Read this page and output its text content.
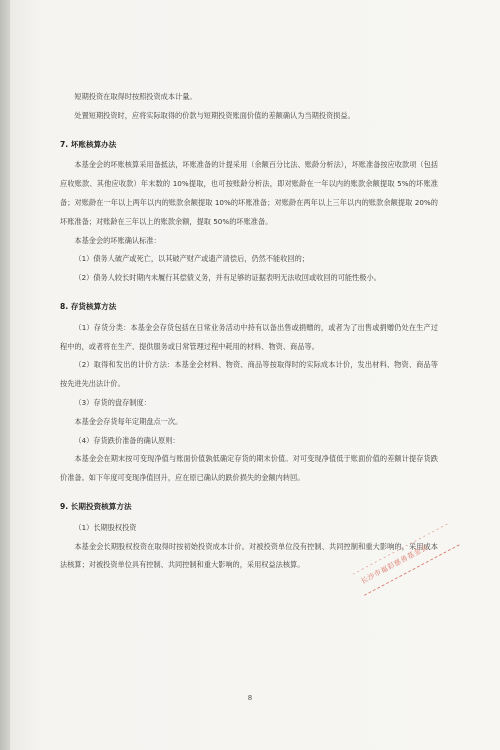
短期投资在取得时按照投资成本计量。

处置短期投资时，应将实际取得的价款与短期投资账面价值的差额确认为当期投资损益。

7. 坏账核算办法

本基金会的坏账核算采用备抵法，坏账准备的计提采用（余额百分比法、账龄分析法），坏账准备按应收款项（包括应收账款、其他应收款）年末数的 10%提取，也可按账龄分析法，即对账龄在一年以内的账款余额提取 5%的坏账准备；对账龄在一年以上两年以内的账款余额提取 10%的坏账准备；对账龄在两年以上三年以内的账款余额提取 20%的坏账准备；对账龄在三年以上的账款余额，提取 50%的坏账准备。

本基金会的坏账确认标准：

（1）债务人破产或死亡，以其破产财产或遗产清偿后，仍然不能收回的；

（2）债务人较长时期内未履行其偿债义务，并有足够的证据表明无法收回或收回的可能性极小。

8. 存货核算方法

（1）存货分类：本基金会存货包括在日常业务活动中持有以备出售或捐赠的，或者为了出售或捐赠仍处在生产过程中的，或者将在生产、提供服务或日常管理过程中耗用的材料、物资、商品等。

（2）取得和发出的计价方法：本基金会材料、物资、商品等按取得时的实际成本计价，发出材料、物资、商品等按先进先出法计价。

（3）存货的盘存制度：

本基金会存货每年定期盘点一次。

（4）存货跌价准备的确认原则：

本基金会在期末按可变现净值与账面价值孰低确定存货的期末价值。对可变现净值低于账面价值的差额计提存货跌价准备。如下年度可变现净值回升，应在原已确认的跌价损失的金额内转回。

9. 长期投资核算方法

（1）长期股权投资

本基金会长期股权投资在取得时按初始投资成本计价。对被投资单位没有控制、共同控制和重大影响的，采用成本法核算；对被投资单位具有控制、共同控制和重大影响的，采用权益法核算。	长沙市福彩慈善基金会
8
